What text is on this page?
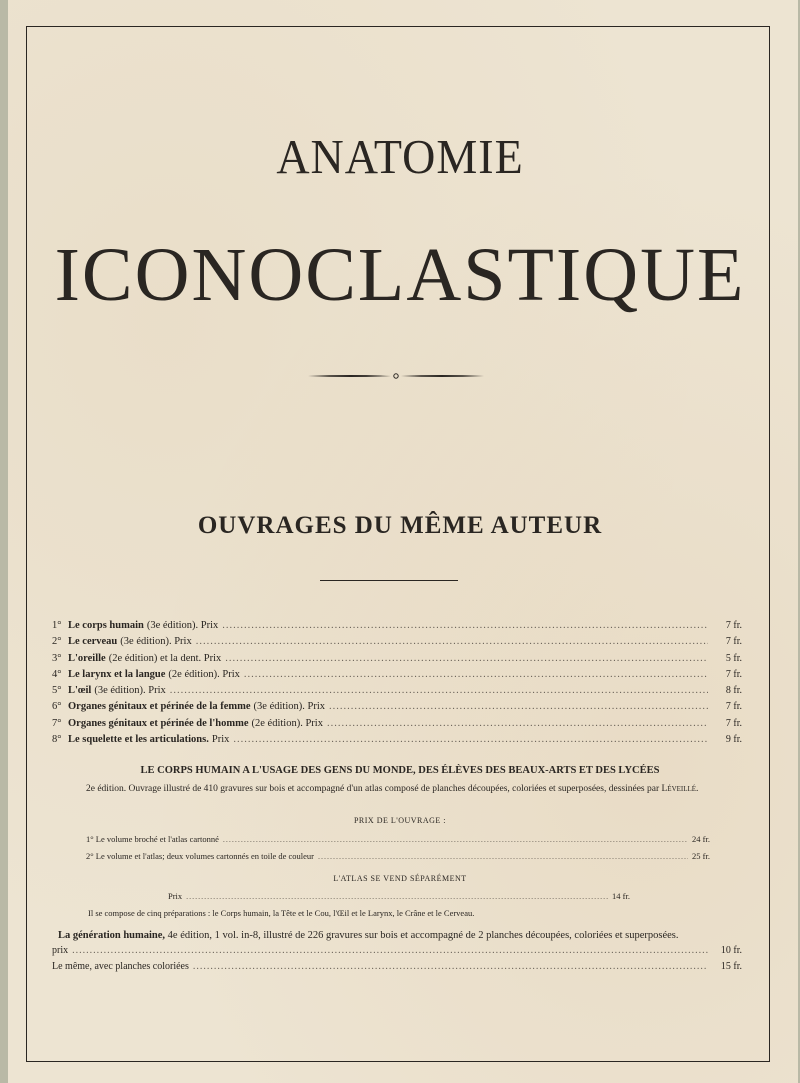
ANATOMIE
ICONOCLASTIQUE
OUVRAGES DU MÊME AUTEUR
1° Le corps humain (3e édition). Prix .....	7 fr.
2° Le cerveau (3e édition). Prix .....	7 fr.
3° L'oreille (2e édition) et la dent. Prix .....	5 fr.
4° Le larynx et la langue (2e édition). Prix .....	7 fr.
5° L'œil (3e édition). Prix .....	8 fr.
6° Organes génitaux et périnée de la femme (3e édition). Prix .....	7 fr.
7° Organes génitaux et périnée de l'homme (2e édition). Prix .....	7 fr.
8° Le squelette et les articulations. Prix .....	9 fr.
LE CORPS HUMAIN A L'USAGE DES GENS DU MONDE, DES ÉLÈVES DES BEAUX-ARTS ET DES LYCÉES
2e édition. Ouvrage illustré de 410 gravures sur bois et accompagné d'un atlas composé de planches découpées, coloriées et superposées, dessinées par Léveillé.
PRIX DE L'OUVRAGE :
1° Le volume broché et l'atlas cartonné .....	24 fr.
2° Le volume et l'atlas; deux volumes cartonnés en toile de couleur .....	25 fr.
L'ATLAS SE VEND SÉPARÉMENT
Prix .....	14 fr.
Il se compose de cinq préparations : le Corps humain, la Tête et le Cou, l'Œil et le Larynx, le Crâne et le Cerveau.
La génération humaine, 4e édition, 1 vol. in-8, illustré de 226 gravures sur bois et accompagné de 2 planches découpées, coloriées et superposées.
prix .....	10 fr.
Le même, avec planches coloriées .....	15 fr.
